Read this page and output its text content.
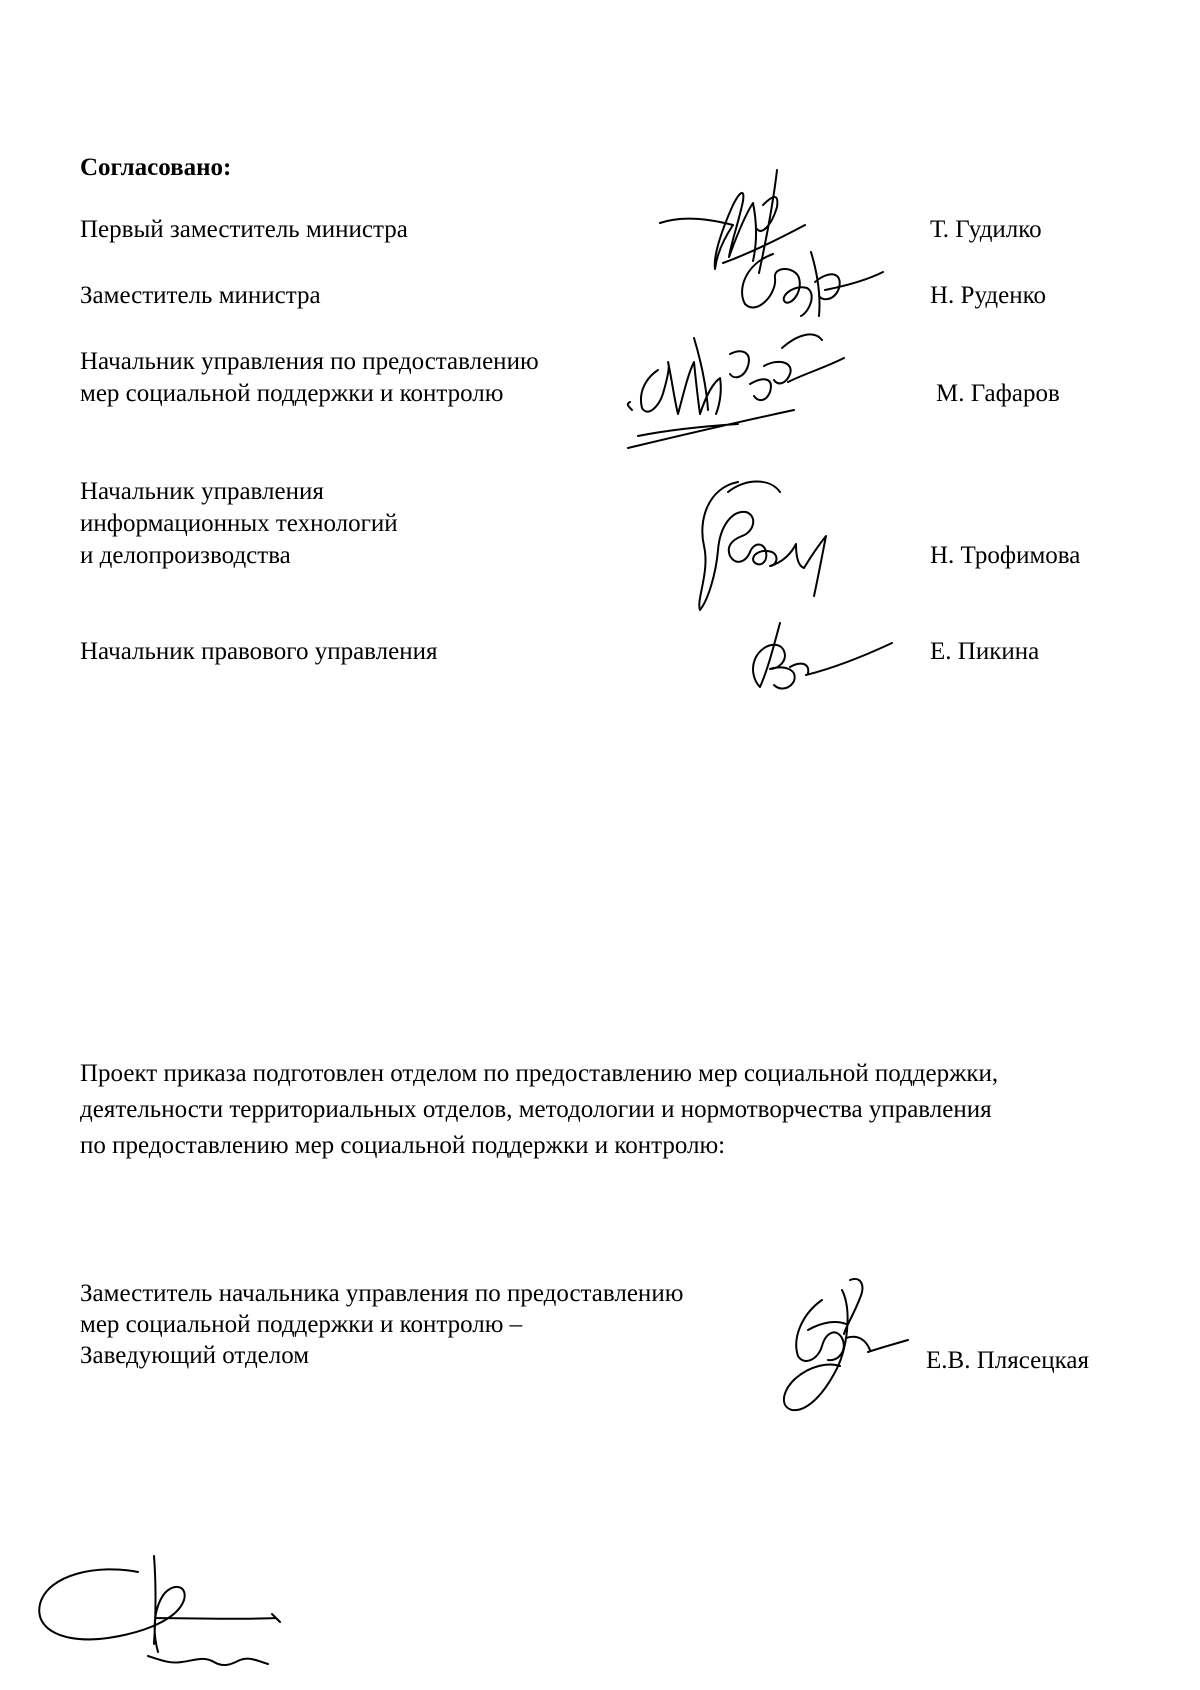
Согласовано:
Первый заместитель министра	Т. Гудилко
Заместитель министра	Н. Руденко
Начальник управления по предоставлению
мер социальной поддержки и контролю	М. Гафаров
Начальник управления
информационных технологий
и делопроизводства	Н. Трофимова
Начальник правового управления	Е. Пикина
Проект приказа подготовлен отделом по предоставлению мер социальной поддержки,
деятельности территориальных отделов, методологии и нормотворчества управления
по предоставлению мер социальной поддержки и контролю:
Заместитель начальника управления по предоставлению
мер социальной поддержки и контролю –
Заведующий отделом	Е.В. Плясецкая
